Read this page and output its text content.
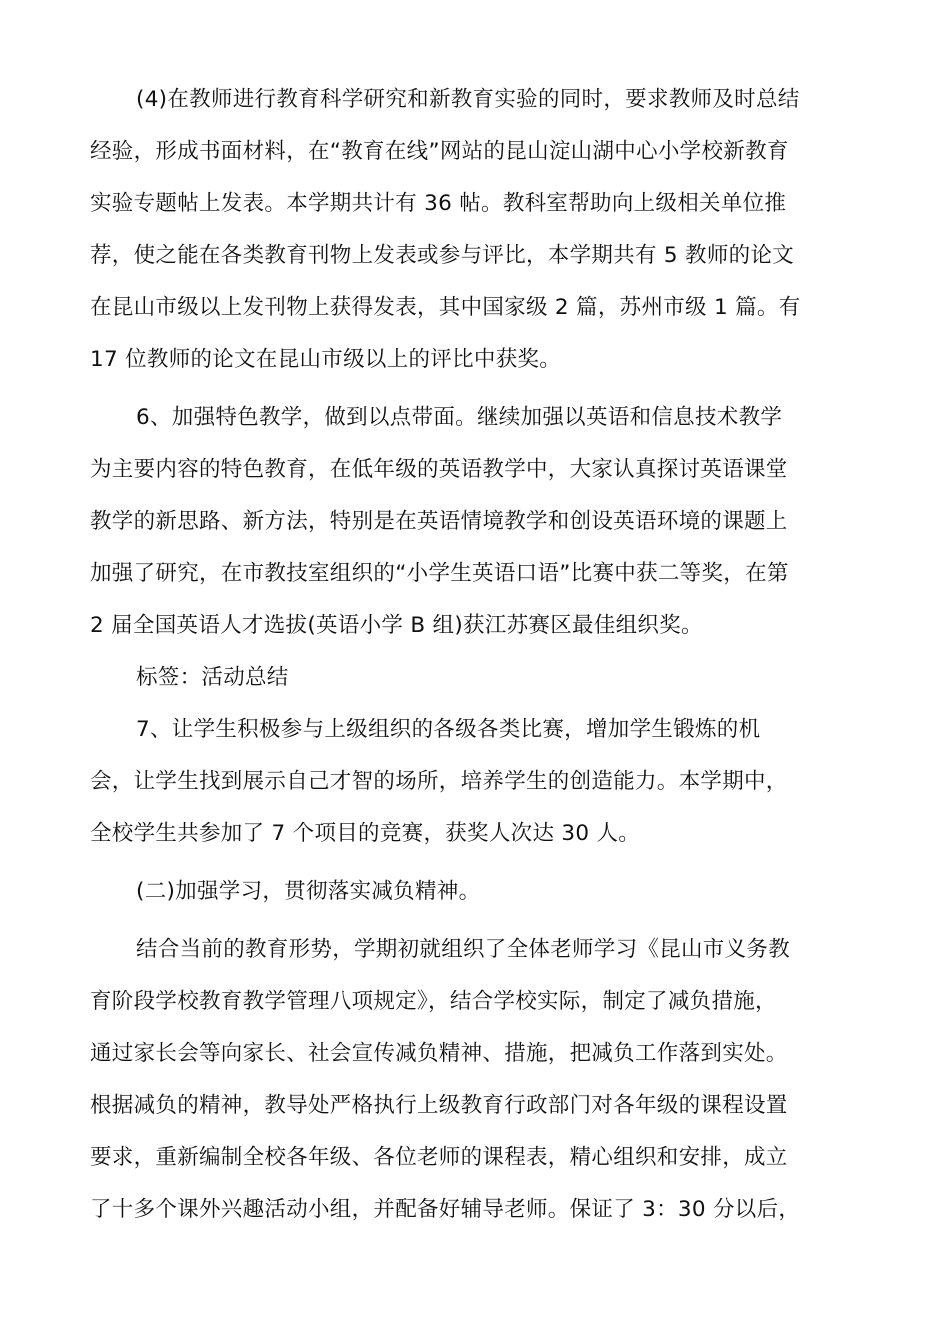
(4)在教师进行教育科学研究和新教育实验的同时，要求教师及时总结
经验，形成书面材料，在“教育在线”网站的昆山淀山湖中心小学校新教育
实验专题帖上发表。本学期共计有 36 帖。教科室帮助向上级相关单位推
荐，使之能在各类教育刊物上发表或参与评比，本学期共有 5 教师的论文
在昆山市级以上发刊物上获得发表，其中国家级 2 篇，苏州市级 1 篇。有
17 位教师的论文在昆山市级以上的评比中获奖。
6、加强特色教学，做到以点带面。继续加强以英语和信息技术教学
为主要内容的特色教育，在低年级的英语教学中，大家认真探讨英语课堂
教学的新思路、新方法，特别是在英语情境教学和创设英语环境的课题上
加强了研究，在市教技室组织的“小学生英语口语”比赛中获二等奖，在第
2 届全国英语人才选拔(英语小学 B 组)获江苏赛区最佳组织奖。
标签：活动总结
7、让学生积极参与上级组织的各级各类比赛，增加学生锻炼的机
会，让学生找到展示自己才智的场所，培养学生的创造能力。本学期中，
全校学生共参加了 7 个项目的竞赛，获奖人次达 30 人。
(二)加强学习，贯彻落实减负精神。
结合当前的教育形势，学期初就组织了全体老师学习《昆山市义务教
育阶段学校教育教学管理八项规定》，结合学校实际，制定了减负措施，
通过家长会等向家长、社会宣传减负精神、措施，把减负工作落到实处。
根据减负的精神，教导处严格执行上级教育行政部门对各年级的课程设置
要求，重新编制全校各年级、各位老师的课程表，精心组织和安排，成立
了十多个课外兴趣活动小组，并配备好辅导老师。保证了 3：30 分以后，
